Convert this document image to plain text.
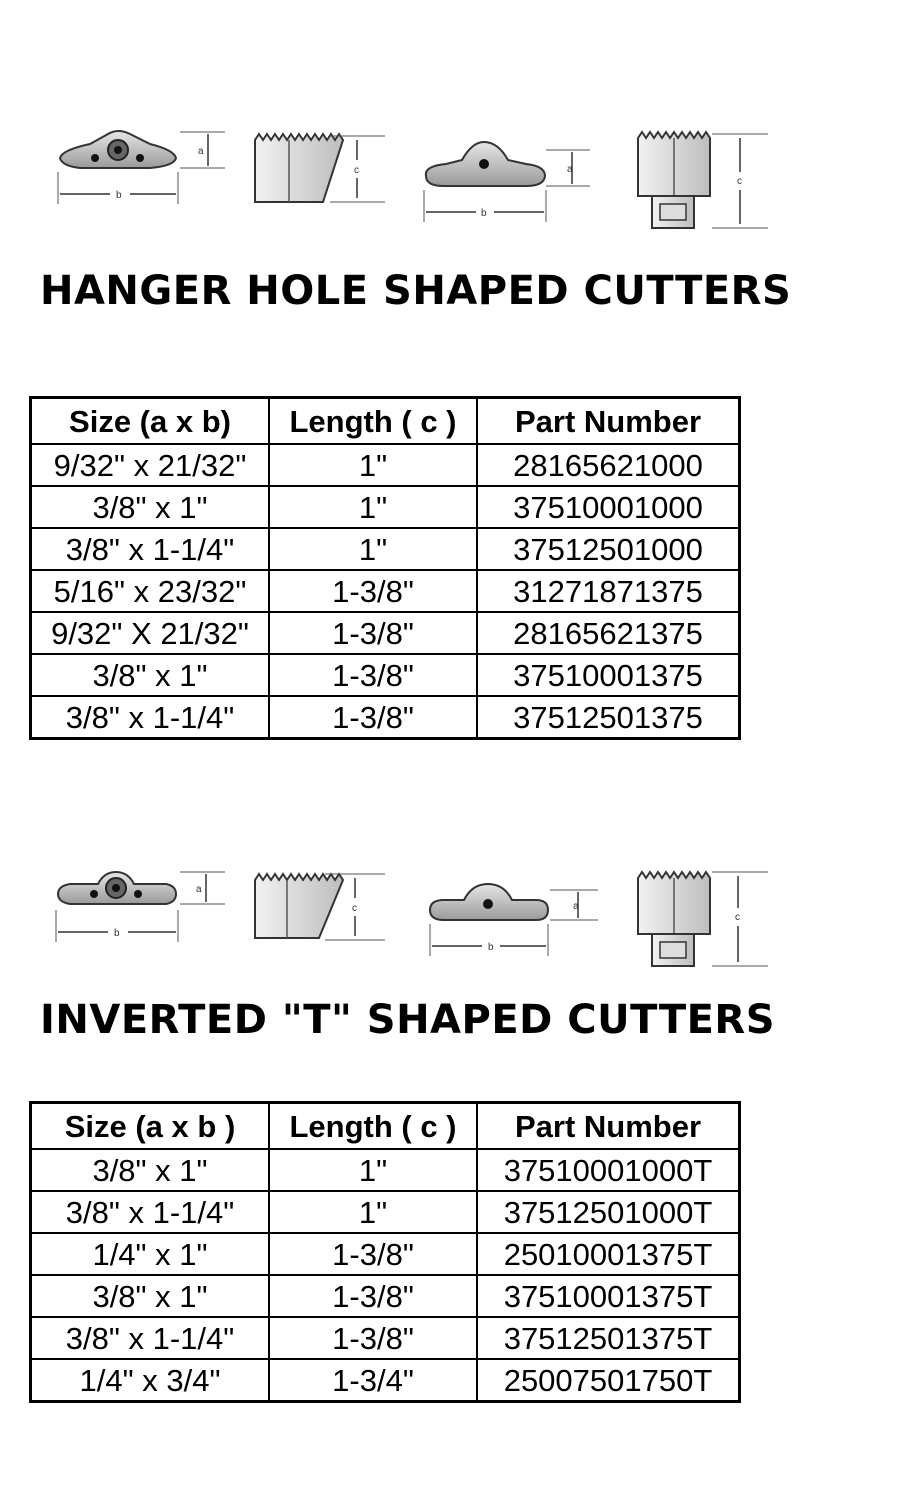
a
b
c	a
b
c
HANGER HOLE SHAPED CUTTERS
Size (a x b)	Length ( c )	Part Number
9/32" x 21/32"	1"	28165621000
3/8" x 1"	1"	37510001000
3/8" x 1-1/4"	1"	37512501000
5/16" x 23/32"	1-3/8"	31271871375
9/32" X 21/32"	1-3/8"	28165621375
3/8" x 1"	1-3/8"	37510001375
3/8" x 1-1/4"	1-3/8"	37512501375
a
b
c	a
b
c
INVERTED "T" SHAPED CUTTERS
Size (a x b )	Length ( c )	Part Number
3/8" x 1"	1"	37510001000T
3/8" x 1-1/4"	1"	37512501000T
1/4" x 1"	1-3/8"	25010001375T
3/8" x 1"	1-3/8"	37510001375T
3/8" x 1-1/4"	1-3/8"	37512501375T
1/4" x 3/4"	1-3/4"	25007501750T
